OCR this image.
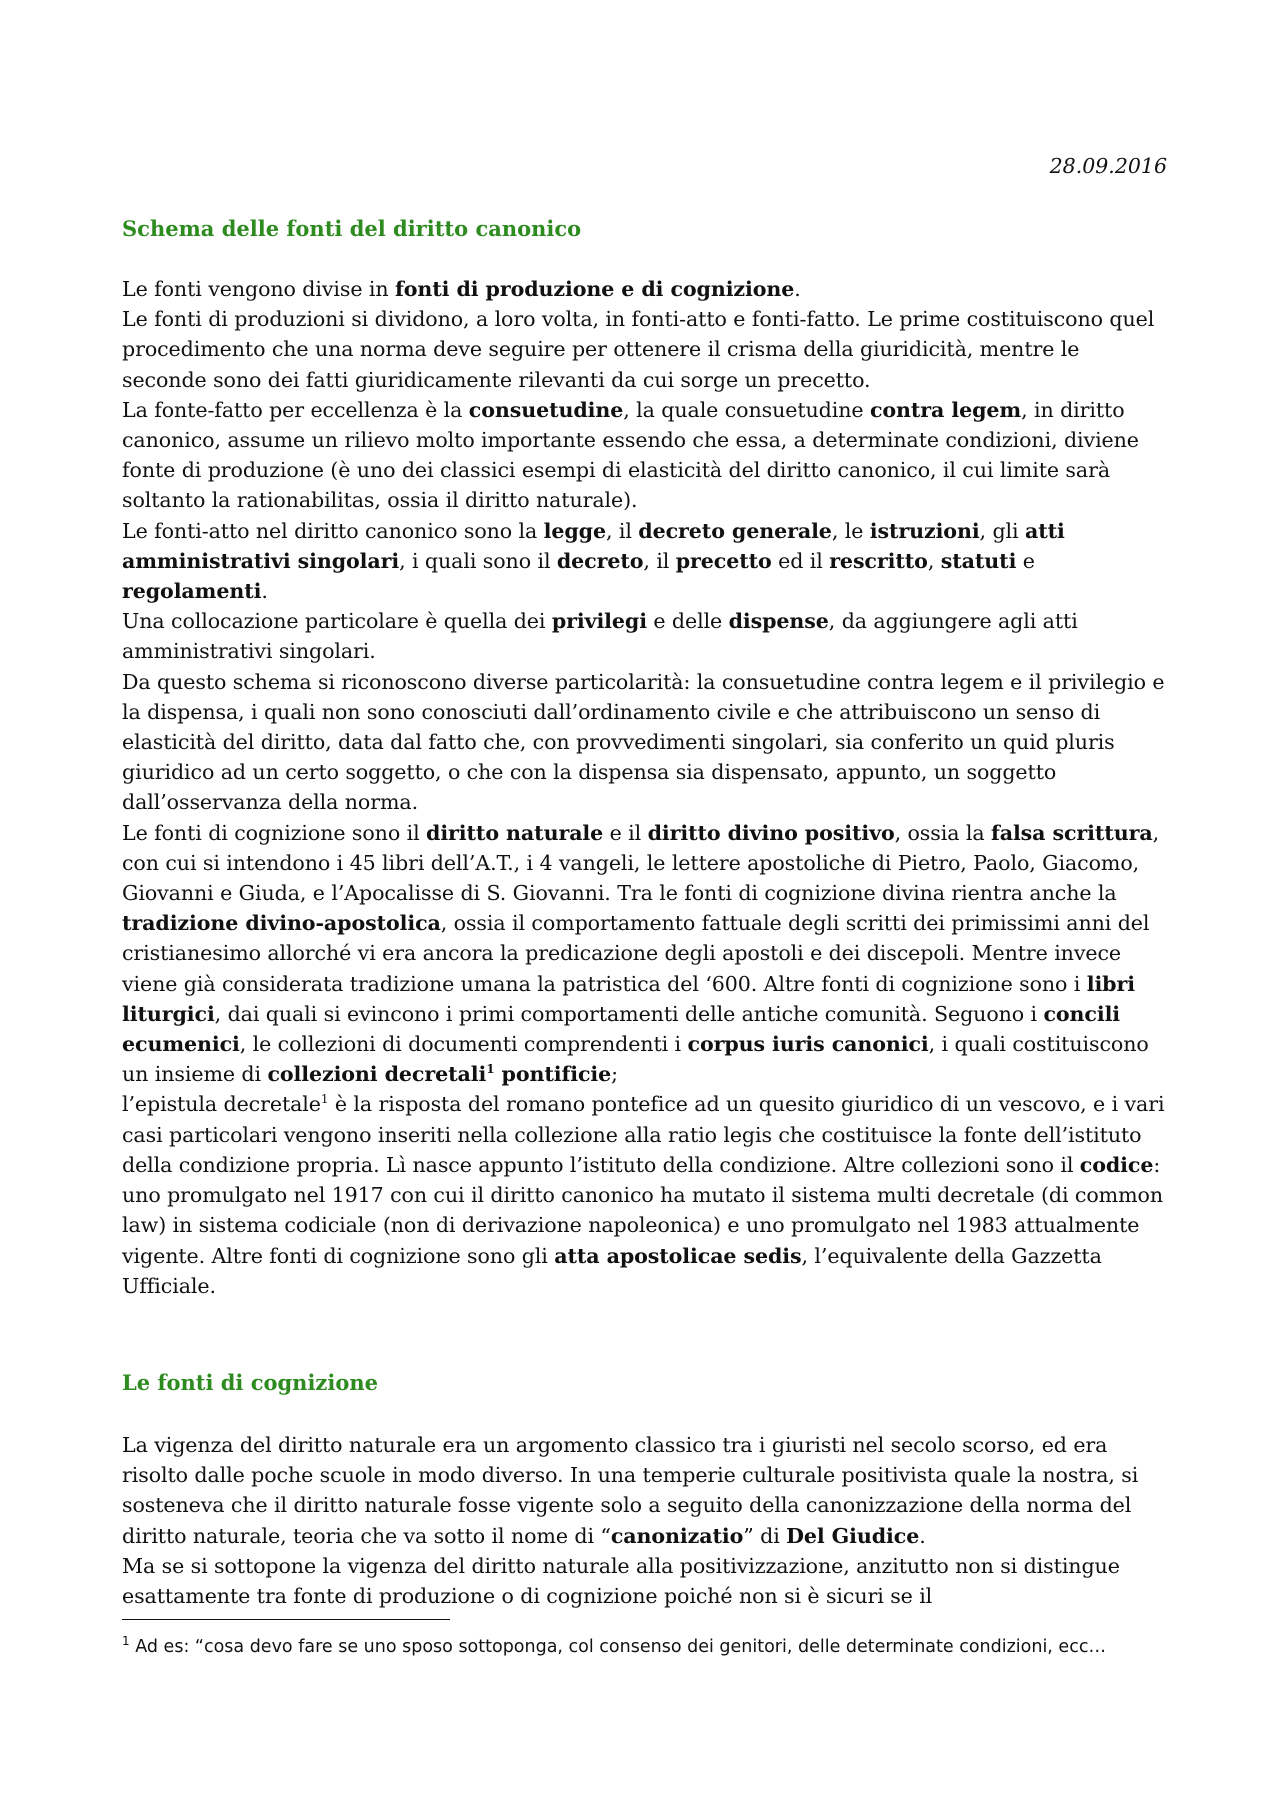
28.09.2016
Schema delle fonti del diritto canonico

Le fonti vengono divise in fonti di produzione e di cognizione.

Le fonti di produzioni si dividono, a loro volta, in fonti-atto e fonti-fatto. Le prime costituiscono quel procedimento che una norma deve seguire per ottenere il crisma della giuridicità, mentre le seconde sono dei fatti giuridicamente rilevanti da cui sorge un precetto.

La fonte-fatto per eccellenza è la consuetudine, la quale consuetudine contra legem, in diritto canonico, assume un rilievo molto importante essendo che essa, a determinate condizioni, diviene fonte di produzione (è uno dei classici esempi di elasticità del diritto canonico, il cui limite sarà soltanto la rationabilitas, ossia il diritto naturale).

Le fonti-atto nel diritto canonico sono la legge, il decreto generale, le istruzioni, gli atti amministrativi singolari, i quali sono il decreto, il precetto ed il rescritto, statuti e regolamenti.

Una collocazione particolare è quella dei privilegi e delle dispense, da aggiungere agli atti amministrativi singolari.

Da questo schema si riconoscono diverse particolarità: la consuetudine contra legem e il privilegio e la dispensa, i quali non sono conosciuti dall’ordinamento civile e che attribuiscono un senso di elasticità del diritto, data dal fatto che, con provvedimenti singolari, sia conferito un quid pluris giuridico ad un certo soggetto, o che con la dispensa sia dispensato, appunto, un soggetto dall’osservanza della norma.

Le fonti di cognizione sono il diritto naturale e il diritto divino positivo, ossia la falsa scrittura, con cui si intendono i 45 libri dell’A.T., i 4 vangeli, le lettere apostoliche di Pietro, Paolo, Giacomo, Giovanni e Giuda, e l’Apocalisse di S. Giovanni. Tra le fonti di cognizione divina rientra anche la tradizione divino-apostolica, ossia il comportamento fattuale degli scritti dei primissimi anni del cristianesimo allorché vi era ancora la predicazione degli apostoli e dei discepoli. Mentre invece viene già considerata tradizione umana la patristica del ‘600. Altre fonti di cognizione sono i libri liturgici, dai quali si evincono i primi comportamenti delle antiche comunità. Seguono i concili ecumenici, le collezioni di documenti comprendenti i corpus iuris canonici, i quali costituiscono un insieme di collezioni decretali$^1$ pontificie;

l’epistula decretale$^1$ è la risposta del romano pontefice ad un quesito giuridico di un vescovo, e i vari casi particolari vengono inseriti nella collezione alla ratio legis che costituisce la fonte dell’istituto della condizione propria. Lì nasce appunto l’istituto della condizione. Altre collezioni sono il codice: uno promulgato nel 1917 con cui il diritto canonico ha mutato il sistema multi decretale (di common law) in sistema codiciale (non di derivazione napoleonica) e uno promulgato nel 1983 attualmente vigente. Altre fonti di cognizione sono gli atta apostolicae sedis, l’equivalente della Gazzetta Ufficiale.

Le fonti di cognizione

La vigenza del diritto naturale era un argomento classico tra i giuristi nel secolo scorso, ed era risolto dalle poche scuole in modo diverso. In una temperie culturale positivista quale la nostra, si sosteneva che il diritto naturale fosse vigente solo a seguito della canonizzazione della norma del diritto naturale, teoria che va sotto il nome di “canonizatio” di Del Giudice.

Ma se si sottopone la vigenza del diritto naturale alla positivizzazione, anzitutto non si distingue esattamente tra fonte di produzione o di cognizione poiché non si è sicuri se il

$^1$ Ad es: “cosa devo fare se uno sposo sottoponga, col consenso dei genitori, delle determinate condizioni, ecc…
